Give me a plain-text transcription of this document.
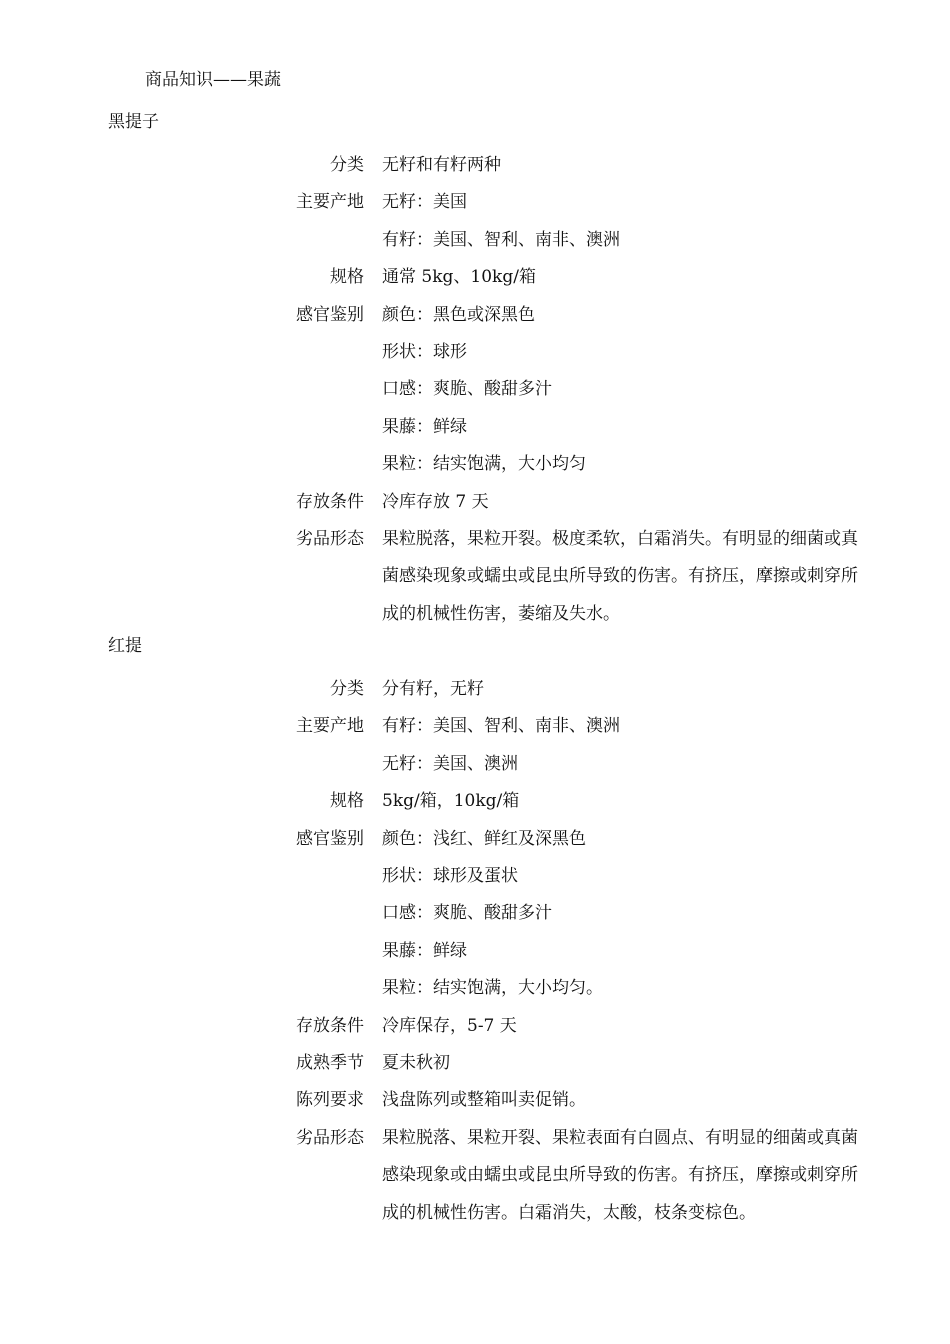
商品知识——果蔬
黑提子
分类 无籽和有籽两种
主要产地 无籽：美国
有籽：美国、智利、南非、澳洲
规格 通常 5kg、10kg/箱
感官鉴别 颜色：黑色或深黑色
形状：球形
口感：爽脆、酸甜多汁
果藤：鲜绿
果粒：结实饱满，大小均匀
存放条件 冷库存放 7 天
劣品形态 果粒脱落，果粒开裂。极度柔软，白霜消失。有明显的细菌或真菌感染现象或蠕虫或昆虫所导致的伤害。有挤压，摩擦或刺穿所成的机械性伤害，萎缩及失水。
红提
分类 分有籽，无籽
主要产地 有籽：美国、智利、南非、澳洲
无籽：美国、澳洲
规格 5kg/箱，10kg/箱
感官鉴别 颜色：浅红、鲜红及深黑色
形状：球形及蛋状
口感：爽脆、酸甜多汁
果藤：鲜绿
果粒：结实饱满，大小均匀。
存放条件 冷库保存，5-7 天
成熟季节 夏未秋初
陈列要求 浅盘陈列或整箱叫卖促销。
劣品形态 果粒脱落、果粒开裂、果粒表面有白圆点、有明显的细菌或真菌感染现象或由蠕虫或昆虫所导致的伤害。有挤压，摩擦或刺穿所成的机械性伤害。白霜消失，太酸，枝条变棕色。
